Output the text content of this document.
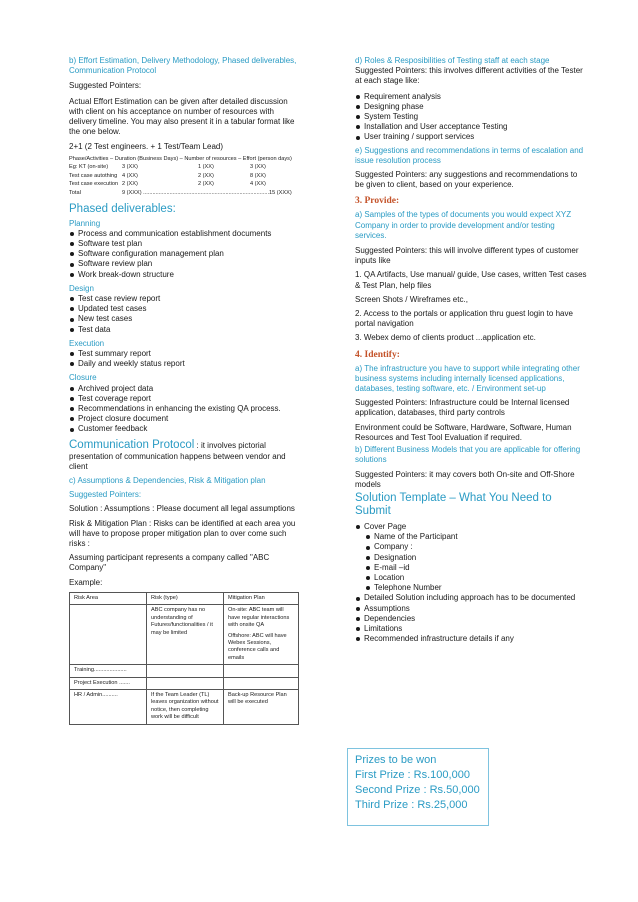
b) Effort Estimation, Delivery Methodology, Phased deliverables, Communication Protocol

Suggested Pointers:

Actual Effort Estimation can be given after detailed discussion with client on his acceptance on number of resources with delivery timeline. You may also present it in a tabular format like the one below.

2+1 (2 Test engineers. + 1 Test/Team Lead)

Phase/Activities – Duration (Business Days) – Number of resources – Effort (person days)

Eg: KT (on-site)	3 (XX)	1 (XX)	3 (XX)
Test case autothing 4 (XX)	2 (XX)	8 (XX)
Test case execution 2 (XX)	2 (XX)	4 (XX)
Total	9 (XXX) .................................................................................15 (XXX)

Phased deliverables:

Planning

Process and communication establishment documents
Software test plan
Software configuration management plan
Software review plan
Work break-down structure

Design

Test case review report
Updated test cases
New test cases
Test data

Execution

Test summary report
Daily and weekly status report

Closure

Archived project data
Test coverage report
Recommendations in enhancing the existing QA process.
Project closure document
Customer feedback

Communication Protocol : it involves pictorial presentation of communication happens between vendor and client

c) Assumptions & Dependencies, Risk & Mitigation plan

Suggested Pointers:

Solution : Assumptions : Please document all legal assumptions

Risk & Mitigation Plan : Risks can be identified at each area you will have to propose proper mitigation plan to over come such risks :

Assuming participant represents a company called "ABC Company"

Example:

Risk Area	Risk (type)	Mitigation Plan
	ABC company has no understanding of Futures/functionalities / it may be limited	On-site: ABC team will have regular interactions with onsite QA
Offshore: ABC will have Webex Sessions, conference calls and emails

Training.....................		
Project Execution .......		
HR / Admin..........	If the Team Leader (TL) leaves organization without notice, then completing work will be difficult	Back-up Resource Plan will be executed

d) Roles & Resposibilities of Testing staff at each stage

Suggested Pointers: this involves different activities of the Tester at each stage like:

Requirement analysis
Designing phase
System Testing
Installation and User acceptance Testing
User training / support services

e) Suggestions and recommendations in terms of escalation and issue resolution process

Suggested Pointers: any suggestions and recommendations to be given to client, based on your experience.

3. Provide:

a) Samples of the types of documents you would expect XYZ Company in order to provide development and/or testing services.

Suggested Pointers: this will involve different types of customer inputs like

1. QA Artifacts, Use manual/ guide, Use cases, written Test cases & Test Plan, help files

Screen Shots / Wireframes etc.,

2. Access to the portals or application thru guest login to have portal navigation

3. Webex demo of clients product ...application etc.

4. Identify:

a) The infrastructure you have to support while integrating other business systems including internally licensed applications, databases, testing software, etc. / Environment set-up

Suggested Pointers: Infrastructure could be Internal licensed application, databases, third party controls

Environment could be Software, Hardware, Software, Human Resources and Test Tool Evaluation if required.

b) Different Business Models that you are applicable for offering solutions

Suggested Pointers: it may covers both On-site and Off-Shore models

Solution Template – What You Need to Submit

Cover Page
Name of the Participant
Company :
Designation
E-mail –id
Location
Telephone Number
Detailed Solution including approach has to be documented
Assumptions
Dependencies
Limitations
Recommended infrastructure details if any

Prizes to be won

First Prize : Rs.100,000

Second Prize : Rs.50,000

Third Prize : Rs.25,000
